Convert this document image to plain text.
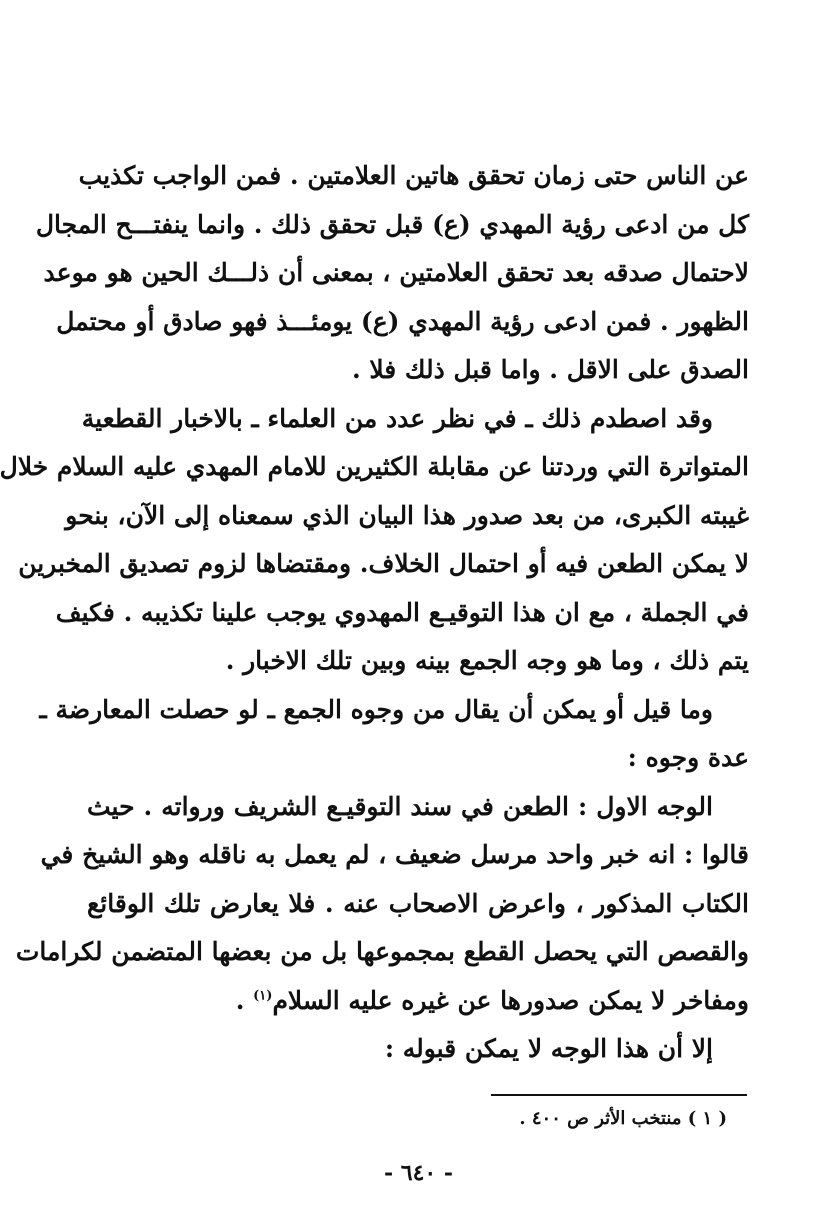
عن الناس حتى زمان تحقق هاتين العلامتين . فمن الواجب تكذيب
كل من ادعى رؤية المهدي (ع) قبل تحقق ذلك . وانما ينفتـــح المجال
لاحتمال صدقه بعد تحقق العلامتين ، بمعنى أن ذلـــك الحين هو موعد
الظهور . فمن ادعى رؤية المهدي (ع) يومئـــذ فهو صادق أو محتمل
الصدق على الاقل . واما قبل ذلك فلا .
وقد اصطدم ذلك ـ في نظر عدد من العلماء ـ بالاخبار القطعية
المتواترة التي وردتنا عن مقابلة الكثيرين للامام المهدي عليه السلام خلال
غيبته الكبرى، من بعد صدور هذا البيان الذي سمعناه إلى الآن، بنحو
لا يمكن الطعن فيه أو احتمال الخلاف. ومقتضاها لزوم تصديق المخبرين
في الجملة ، مع ان هذا التوقيـع المهدوي يوجب علينا تكذيبه . فكيف
يتم ذلك ، وما هو وجه الجمع بينه وبين تلك الاخبار .
وما قيل أو يمكن أن يقال من وجوه الجمع ـ لو حصلت المعارضة ـ
عدة وجوه :
الوجه الاول : الطعن في سند التوقيـع الشريف ورواته . حيث
قالوا : انه خبر واحد مرسل ضعيف ، لم يعمل به ناقله وهو الشيخ في
الكتاب المذكور ، واعرض الاصحاب عنه . فلا يعارض تلك الوقائع
والقصص التي يحصل القطع بمجموعها بل من بعضها المتضمن لكرامات
ومفاخر لا يمكن صدورها عن غيره عليه السلام$^{(١)}$ .
إلا أن هذا الوجه لا يمكن قبوله :
( ١ ) منتخب الأثر ص ٤٠٠ .
- ٦٤٠ -
